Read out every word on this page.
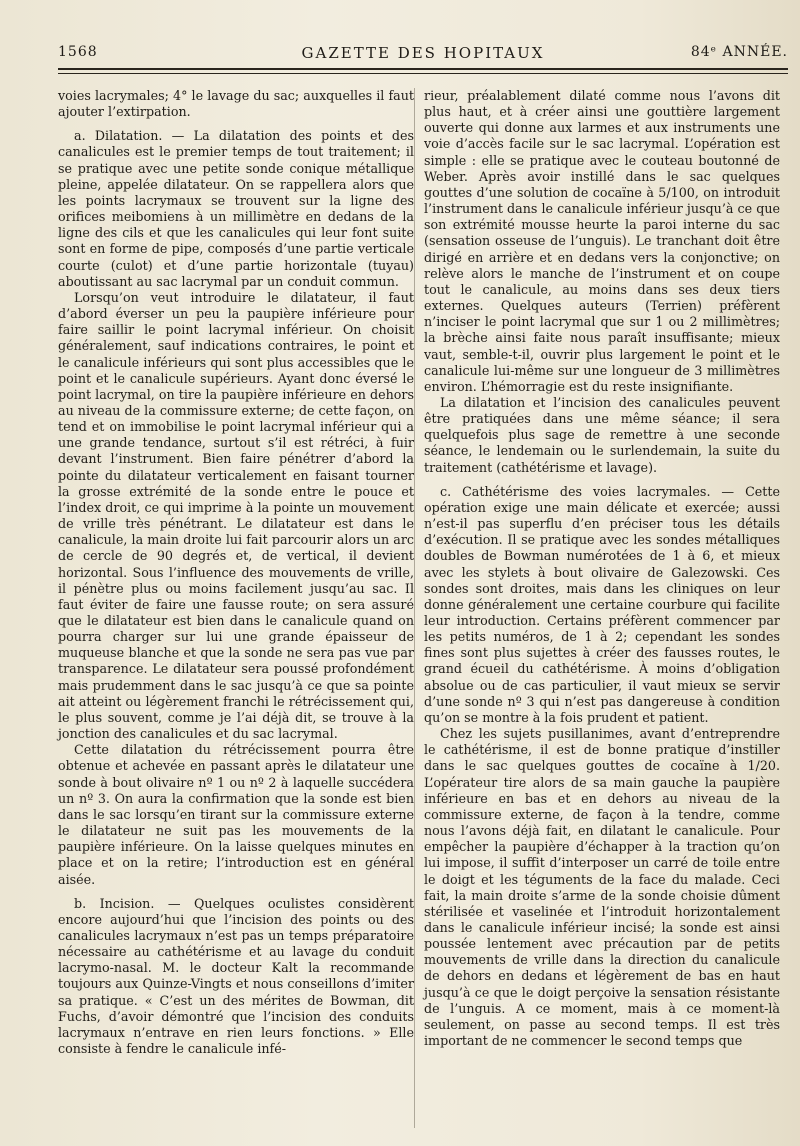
1568	GAZETTE DES HOPITAUX	84ᵉ ANNÉE.

voies lacrymales; 4° le lavage du sac; auxquelles il faut ajouter l’extirpation.

a. Dilatation. — La dilatation des points et des canalicules est le premier temps de tout traitement; il se pratique avec une petite sonde conique métallique pleine, appelée dilatateur. On se rappellera alors que les points lacrymaux se trouvent sur la ligne des orifices meibomiens à un millimètre en dedans de la ligne des cils et que les canalicules qui leur font suite sont en forme de pipe, composés d’une partie verticale courte (culot) et d’une partie horizontale (tuyau) aboutissant au sac lacrymal par un conduit commun.

Lorsqu’on veut introduire le dilatateur, il faut d’abord éverser un peu la paupière inférieure pour faire saillir le point lacrymal inférieur. On choisit généralement, sauf indications contraires, le point et le canalicule inférieurs qui sont plus accessibles que le point et le canalicule supérieurs. Ayant donc éversé le point lacrymal, on tire la paupière inférieure en dehors au niveau de la commissure externe; de cette façon, on tend et on immobilise le point lacrymal inférieur qui a une grande tendance, surtout s’il est rétréci, à fuir devant l’instrument. Bien faire pénétrer d’abord la pointe du dilatateur verticalement en faisant tourner la grosse extrémité de la sonde entre le pouce et l’index droit, ce qui imprime à la pointe un mouvement de vrille très pénétrant. Le dilatateur est dans le canalicule, la main droite lui fait parcourir alors un arc de cercle de 90 degrés et, de vertical, il devient horizontal. Sous l’influence des mouvements de vrille, il pénètre plus ou moins facilement jusqu’au sac. Il faut éviter de faire une fausse route; on sera assuré que le dilatateur est bien dans le canalicule quand on pourra charger sur lui une grande épaisseur de muqueuse blanche et que la sonde ne sera pas vue par transparence. Le dilatateur sera poussé profondément mais prudemment dans le sac jusqu’à ce que sa pointe ait atteint ou légèrement franchi le rétrécissement qui, le plus souvent, comme je l’ai déjà dit, se trouve à la jonction des canalicules et du sac lacrymal.

Cette dilatation du rétrécissement pourra être obtenue et achevée en passant après le dilatateur une sonde à bout olivaire nº 1 ou nº 2 à laquelle succédera un nº 3. On aura la confirmation que la sonde est bien dans le sac lorsqu’en tirant sur la commissure externe le dilatateur ne suit pas les mouvements de la paupière inférieure. On la laisse quelques minutes en place et on la retire; l’introduction est en général aisée.

b. Incision. — Quelques oculistes considèrent encore aujourd’hui que l’incision des points ou des canalicules lacrymaux n’est pas un temps préparatoire nécessaire au cathétérisme et au lavage du conduit lacrymo-nasal. M. le docteur Kalt la recommande toujours aux Quinze-Vingts et nous conseillons d’imiter sa pratique. « C’est un des mérites de Bowman, dit Fuchs, d’avoir démontré que l’incision des conduits lacrymaux n’entrave en rien leurs fonctions. » Elle consiste à fendre le canalicule infé-

rieur, préalablement dilaté comme nous l’avons dit plus haut, et à créer ainsi une gouttière largement ouverte qui donne aux larmes et aux instruments une voie d’accès facile sur le sac lacrymal. L’opération est simple : elle se pratique avec le couteau boutonné de Weber. Après avoir instillé dans le sac quelques gouttes d’une solution de cocaïne à 5/100, on introduit l’instrument dans le canalicule inférieur jusqu’à ce que son extrémité mousse heurte la paroi interne du sac (sensation osseuse de l’unguis). Le tranchant doit être dirigé en arrière et en dedans vers la conjonctive; on relève alors le manche de l’instrument et on coupe tout le canalicule, au moins dans ses deux tiers externes. Quelques auteurs (Terrien) préfèrent n’inciser le point lacrymal que sur 1 ou 2 millimètres; la brèche ainsi faite nous paraît insuffisante; mieux vaut, semble-t-il, ouvrir plus largement le point et le canalicule lui-même sur une longueur de 3 millimètres environ. L’hémorragie est du reste insignifiante.

La dilatation et l’incision des canalicules peuvent être pratiquées dans une même séance; il sera quelquefois plus sage de remettre à une seconde séance, le lendemain ou le surlendemain, la suite du traitement (cathétérisme et lavage).

c. Cathétérisme des voies lacrymales. — Cette opération exige une main délicate et exercée; aussi n’est-il pas superflu d’en préciser tous les détails d’exécution. Il se pratique avec les sondes métalliques doubles de Bowman numérotées de 1 à 6, et mieux avec les stylets à bout olivaire de Galezowski. Ces sondes sont droites, mais dans les cliniques on leur donne généralement une certaine courbure qui facilite leur introduction. Certains préfèrent commencer par les petits numéros, de 1 à 2; cependant les sondes fines sont plus sujettes à créer des fausses routes, le grand écueil du cathétérisme. À moins d’obligation absolue ou de cas particulier, il vaut mieux se servir d’une sonde nº 3 qui n’est pas dangereuse à condition qu’on se montre à la fois prudent et patient.

Chez les sujets pusillanimes, avant d’entreprendre le cathétérisme, il est de bonne pratique d’instiller dans le sac quelques gouttes de cocaïne à 1/20. L’opérateur tire alors de sa main gauche la paupière inférieure en bas et en dehors au niveau de la commissure externe, de façon à la tendre, comme nous l’avons déjà fait, en dilatant le canalicule. Pour empêcher la paupière d’échapper à la traction qu’on lui impose, il suffit d’interposer un carré de toile entre le doigt et les téguments de la face du malade. Ceci fait, la main droite s’arme de la sonde choisie dûment stérilisée et vaselinée et l’introduit horizontalement dans le canalicule inférieur incisé; la sonde est ainsi poussée lentement avec précaution par de petits mouvements de vrille dans la direction du canalicule de dehors en dedans et légèrement de bas en haut jusqu’à ce que le doigt perçoive la sensation résistante de l’unguis. A ce moment, mais à ce moment-là seulement, on passe au second temps. Il est très important de ne commencer le second temps que
